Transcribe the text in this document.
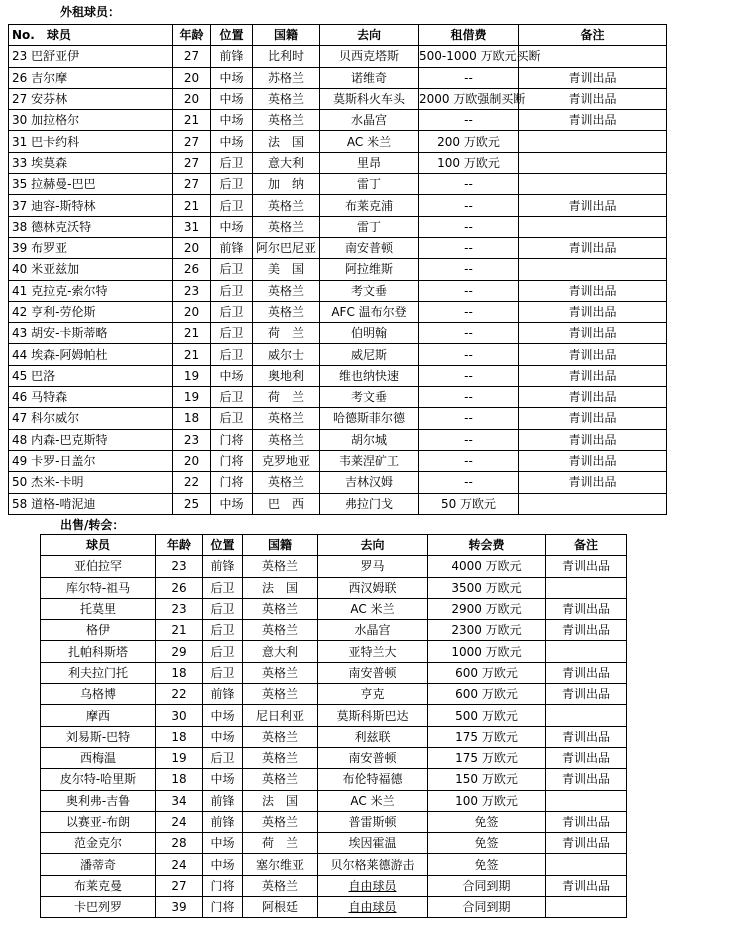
外租球员：
No.　 球员	年龄	位置	国籍	去向	租借费	备注
23 巴舒亚伊	27	前锋	比利时	贝西克塔斯	500-1000 万欧元买断	
26 吉尔摩	20	中场	苏格兰	诺维奇	--	青训出品
27 安芬林	20	中场	英格兰	莫斯科火车头	2000 万欧强制买断	青训出品
30 加拉格尔	21	中场	英格兰	水晶宫	--	青训出品
31 巴卡约科	27	中场	法　国	AC 米兰	200 万欧元	
33 埃莫森	27	后卫	意大利	里昂	100 万欧元	
35 拉赫曼-巴巴	27	后卫	加　纳	雷丁	--	
37 迪容-斯特林	21	后卫	英格兰	布莱克浦	--	青训出品
38 德林克沃特	31	中场	英格兰	雷丁	--	
39 布罗亚	20	前锋	阿尔巴尼亚	南安普顿	--	青训出品
40 米亚兹加	26	后卫	美　国	阿拉维斯	--	
41 克拉克-索尔特	23	后卫	英格兰	考文垂	--	青训出品
42 亨利-劳伦斯	20	后卫	英格兰	AFC 温布尔登	--	青训出品
43 胡安-卡斯蒂略	21	后卫	荷　兰	伯明翰	--	青训出品
44 埃森-阿姆帕杜	21	后卫	威尔士	威尼斯	--	青训出品
45 巴洛	19	中场	奥地利	维也纳快速	--	青训出品
46 马特森	19	后卫	荷　兰	考文垂	--	青训出品
47 科尔威尔	18	后卫	英格兰	哈德斯菲尔德	--	青训出品
48 内森-巴克斯特	23	门将	英格兰	胡尔城	--	青训出品
49 卡罗-日盖尔	20	门将	克罗地亚	韦莱涅矿工	--	青训出品
50 杰米-卡明	22	门将	英格兰	吉林汉姆	--	青训出品
58 道格-啃泥迪	25	中场	巴　西	弗拉门戈	50 万欧元	
出售/转会：
球员	年龄	位置	国籍	去向	转会费	备注
亚伯拉罕	23	前锋	英格兰	罗马	4000 万欧元	青训出品
库尔特-祖马	26	后卫	法　国	西汉姆联	3500 万欧元	
托莫里	23	后卫	英格兰	AC 米兰	2900 万欧元	青训出品
格伊	21	后卫	英格兰	水晶宫	2300 万欧元	青训出品
扎帕科斯塔	29	后卫	意大利	亚特兰大	1000 万欧元	
利夫拉门托	18	后卫	英格兰	南安普顿	600 万欧元	青训出品
乌格博	22	前锋	英格兰	亨克	600 万欧元	青训出品
摩西	30	中场	尼日利亚	莫斯科斯巴达	500 万欧元	
刘易斯-巴特	18	中场	英格兰	利兹联	175 万欧元	青训出品
西梅温	19	后卫	英格兰	南安普顿	175 万欧元	青训出品
皮尔特-哈里斯	18	中场	英格兰	布伦特福德	150 万欧元	青训出品
奥利弗-吉鲁	34	前锋	法　国	AC 米兰	100 万欧元	
以赛亚-布朗	24	前锋	英格兰	普雷斯顿	免签	青训出品
范金克尔	28	中场	荷　兰	埃因霍温	免签	青训出品
潘蒂奇	24	中场	塞尔维亚	贝尔格莱德游击	免签	
布莱克曼	27	门将	英格兰	自由球员	合同到期	青训出品
卡巴列罗	39	门将	阿根廷	自由球员	合同到期	
